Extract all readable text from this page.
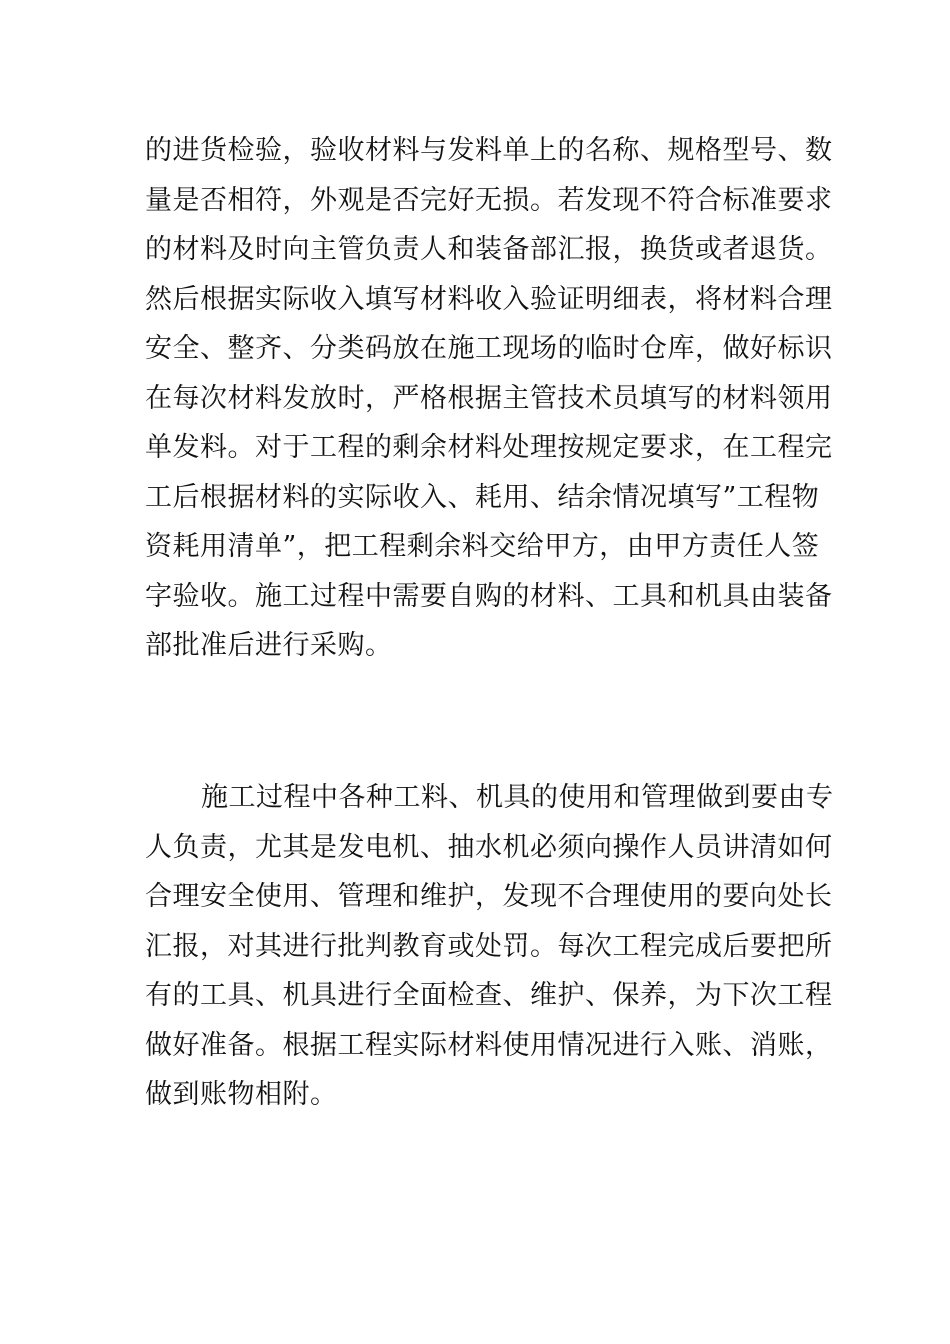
的进货检验，验收材料与发料单上的名称、规格型号、数
量是否相符，外观是否完好无损。若发现不符合标准要求
的材料及时向主管负责人和装备部汇报，换货或者退货。
然后根据实际收入填写材料收入验证明细表，将材料合理
安全、整齐、分类码放在施工现场的临时仓库，做好标识
在每次材料发放时，严格根据主管技术员填写的材料领用
单发料。对于工程的剩余材料处理按规定要求，在工程完
工后根据材料的实际收入、耗用、结余情况填写”工程物
资耗用清单”，把工程剩余料交给甲方，由甲方责任人签
字验收。施工过程中需要自购的材料、工具和机具由装备
部批准后进行采购。

施工过程中各种工料、机具的使用和管理做到要由专
人负责，尤其是发电机、抽水机必须向操作人员讲清如何
合理安全使用、管理和维护，发现不合理使用的要向处长
汇报，对其进行批判教育或处罚。每次工程完成后要把所
有的工具、机具进行全面检查、维护、保养，为下次工程
做好准备。根据工程实际材料使用情况进行入账、消账，
做到账物相附。
